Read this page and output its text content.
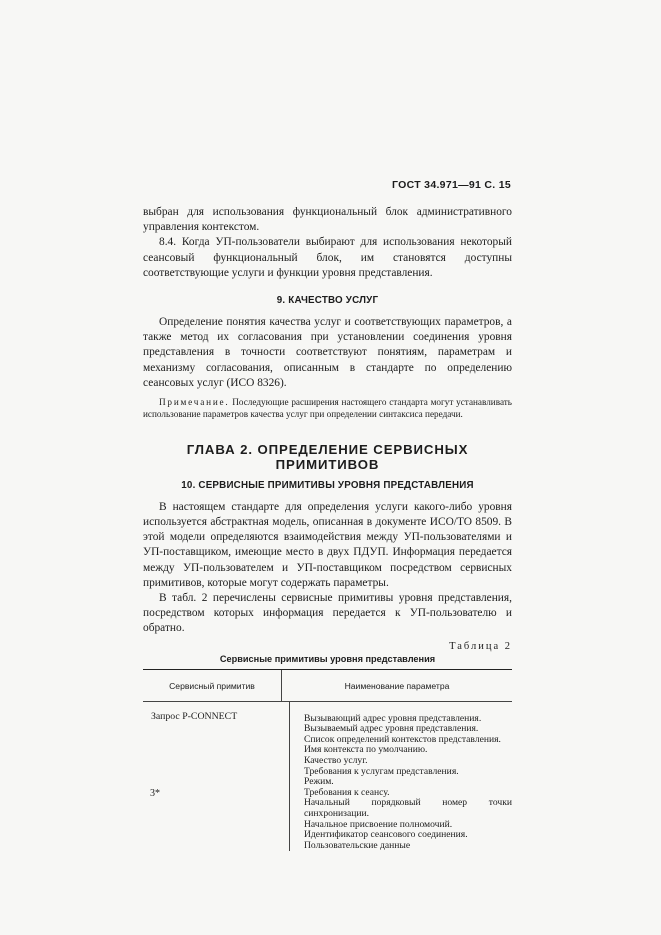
ГОСТ 34.971—91 С. 15

выбран для использования функциональный блок административного управления контекстом.

8.4. Когда УП-пользователи выбирают для использования некоторый сеансовый функциональный блок, им становятся доступны соответствующие услуги и функции уровня представления.

9. КАЧЕСТВО УСЛУГ

Определение понятия качества услуг и соответствующих параметров, а также метод их согласования при установлении соединения уровня представления в точности соответствуют понятиям, параметрам и механизму согласования, описанным в стандарте по определению сеансовых услуг (ИСО 8326).

Примечание. Последующие расширения настоящего стандарта могут устанавливать использование параметров качества услуг при определении синтаксиса передачи.
ГЛАВА 2. ОПРЕДЕЛЕНИЕ СЕРВИСНЫХ ПРИМИТИВОВ
10. СЕРВИСНЫЕ ПРИМИТИВЫ УРОВНЯ ПРЕДСТАВЛЕНИЯ

В настоящем стандарте для определения услуги какого-либо уровня используется абстрактная модель, описанная в документе ИСО/ТО 8509. В этой модели определяются взаимодействия между УП-пользователями и УП-поставщиком, имеющие место в двух ПДУП. Информация передается между УП-пользователем и УП-поставщиком посредством сервисных примитивов, которые могут содержать параметры.

В табл. 2 перечислены сервисные примитивы уровня представления, посредством которых информация передается к УП-пользователю и обратно.

Таблица 2
Сервисные примитивы уровня представления
Сервисный примитив	Наименование параметра
Запрос P-CONNECT	Вызывающий адрес уровня представления.
Вызываемый адрес уровня представления.
Список определений контекстов представления.
Имя контекста по умолчанию.
Качество услуг.
Требования к услугам представления.
Режим.
Требования к сеансу.
Начальный порядковый номер точки синхронизации.
Начальное присвоение полномочий.
Идентификатор сеансового соединения.
Пользовательские данные
3*
